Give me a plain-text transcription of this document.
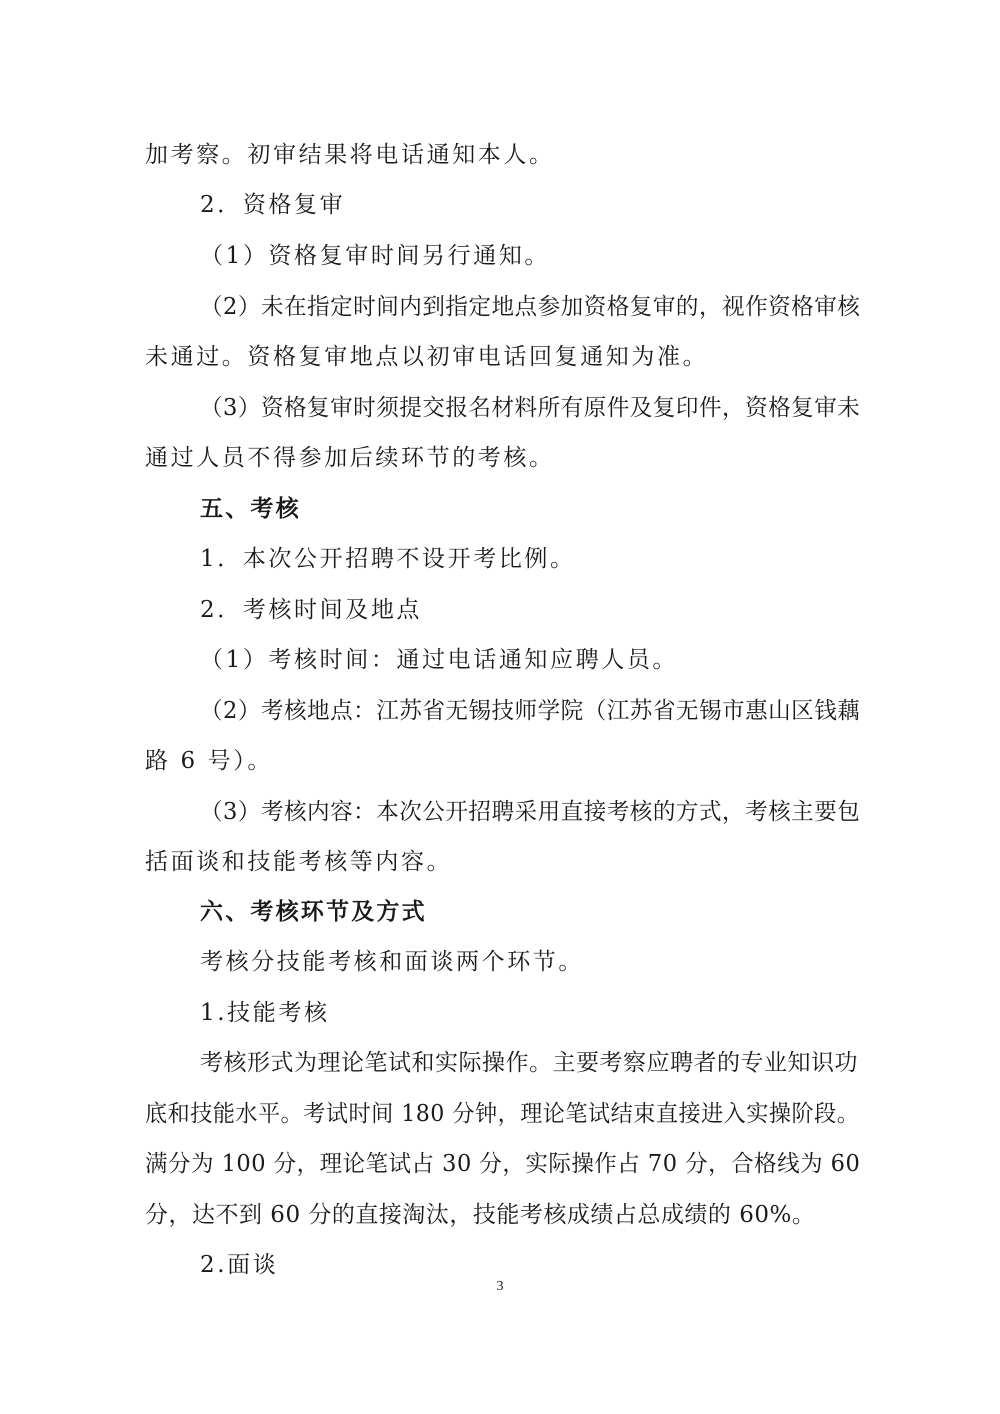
加考察。初审结果将电话通知本人。
2．资格复审
（1）资格复审时间另行通知。
（2）未在指定时间内到指定地点参加资格复审的，视作资格审核
未通过。资格复审地点以初审电话回复通知为准。
（3）资格复审时须提交报名材料所有原件及复印件，资格复审未
通过人员不得参加后续环节的考核。
五、考核
1．本次公开招聘不设开考比例。
2．考核时间及地点
（1）考核时间：通过电话通知应聘人员。
（2）考核地点：江苏省无锡技师学院（江苏省无锡市惠山区钱藕
路 6 号）。
（3）考核内容：本次公开招聘采用直接考核的方式，考核主要包
括面谈和技能考核等内容。
六、考核环节及方式
考核分技能考核和面谈两个环节。
1.技能考核
考核形式为理论笔试和实际操作。主要考察应聘者的专业知识功
底和技能水平。考试时间 180 分钟，理论笔试结束直接进入实操阶段。
满分为 100 分，理论笔试占 30 分，实际操作占 70 分，合格线为 60
分，达不到 60 分的直接淘汰，技能考核成绩占总成绩的 60%。
2.面谈
3
